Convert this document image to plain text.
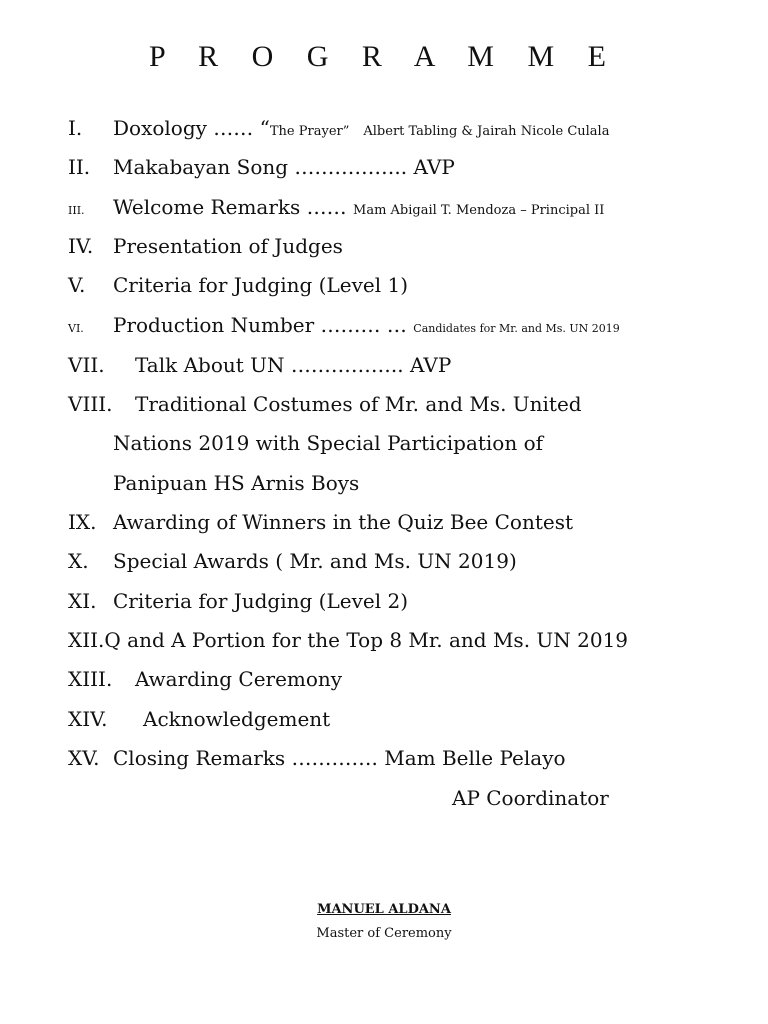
P R O G R A M M E
I. Doxology …… “The Prayer” Albert Tabling & Jairah Nicole Culala
II. Makabayan Song …………….. AVP
III. Welcome Remarks …… Mam Abigail T. Mendoza – Principal II
IV. Presentation of Judges
V. Criteria for Judging (Level 1)
VI. Production Number ……… … Candidates for Mr. and Ms. UN 2019
VII. Talk About UN …………….. AVP
VIII. Traditional Costumes of Mr. and Ms. United
Nations 2019 with Special Participation of
Panipuan HS Arnis Boys
IX. Awarding of Winners in the Quiz Bee Contest
X. Special Awards ( Mr. and Ms. UN 2019)
XI. Criteria for Judging (Level 2)
XII.Q and A Portion for the Top 8 Mr. and Ms. UN 2019
XIII. Awarding Ceremony
XIV. Acknowledgement
XV. Closing Remarks …………. Mam Belle Pelayo
AP Coordinator
MANUEL ALDANA
Master of Ceremony
